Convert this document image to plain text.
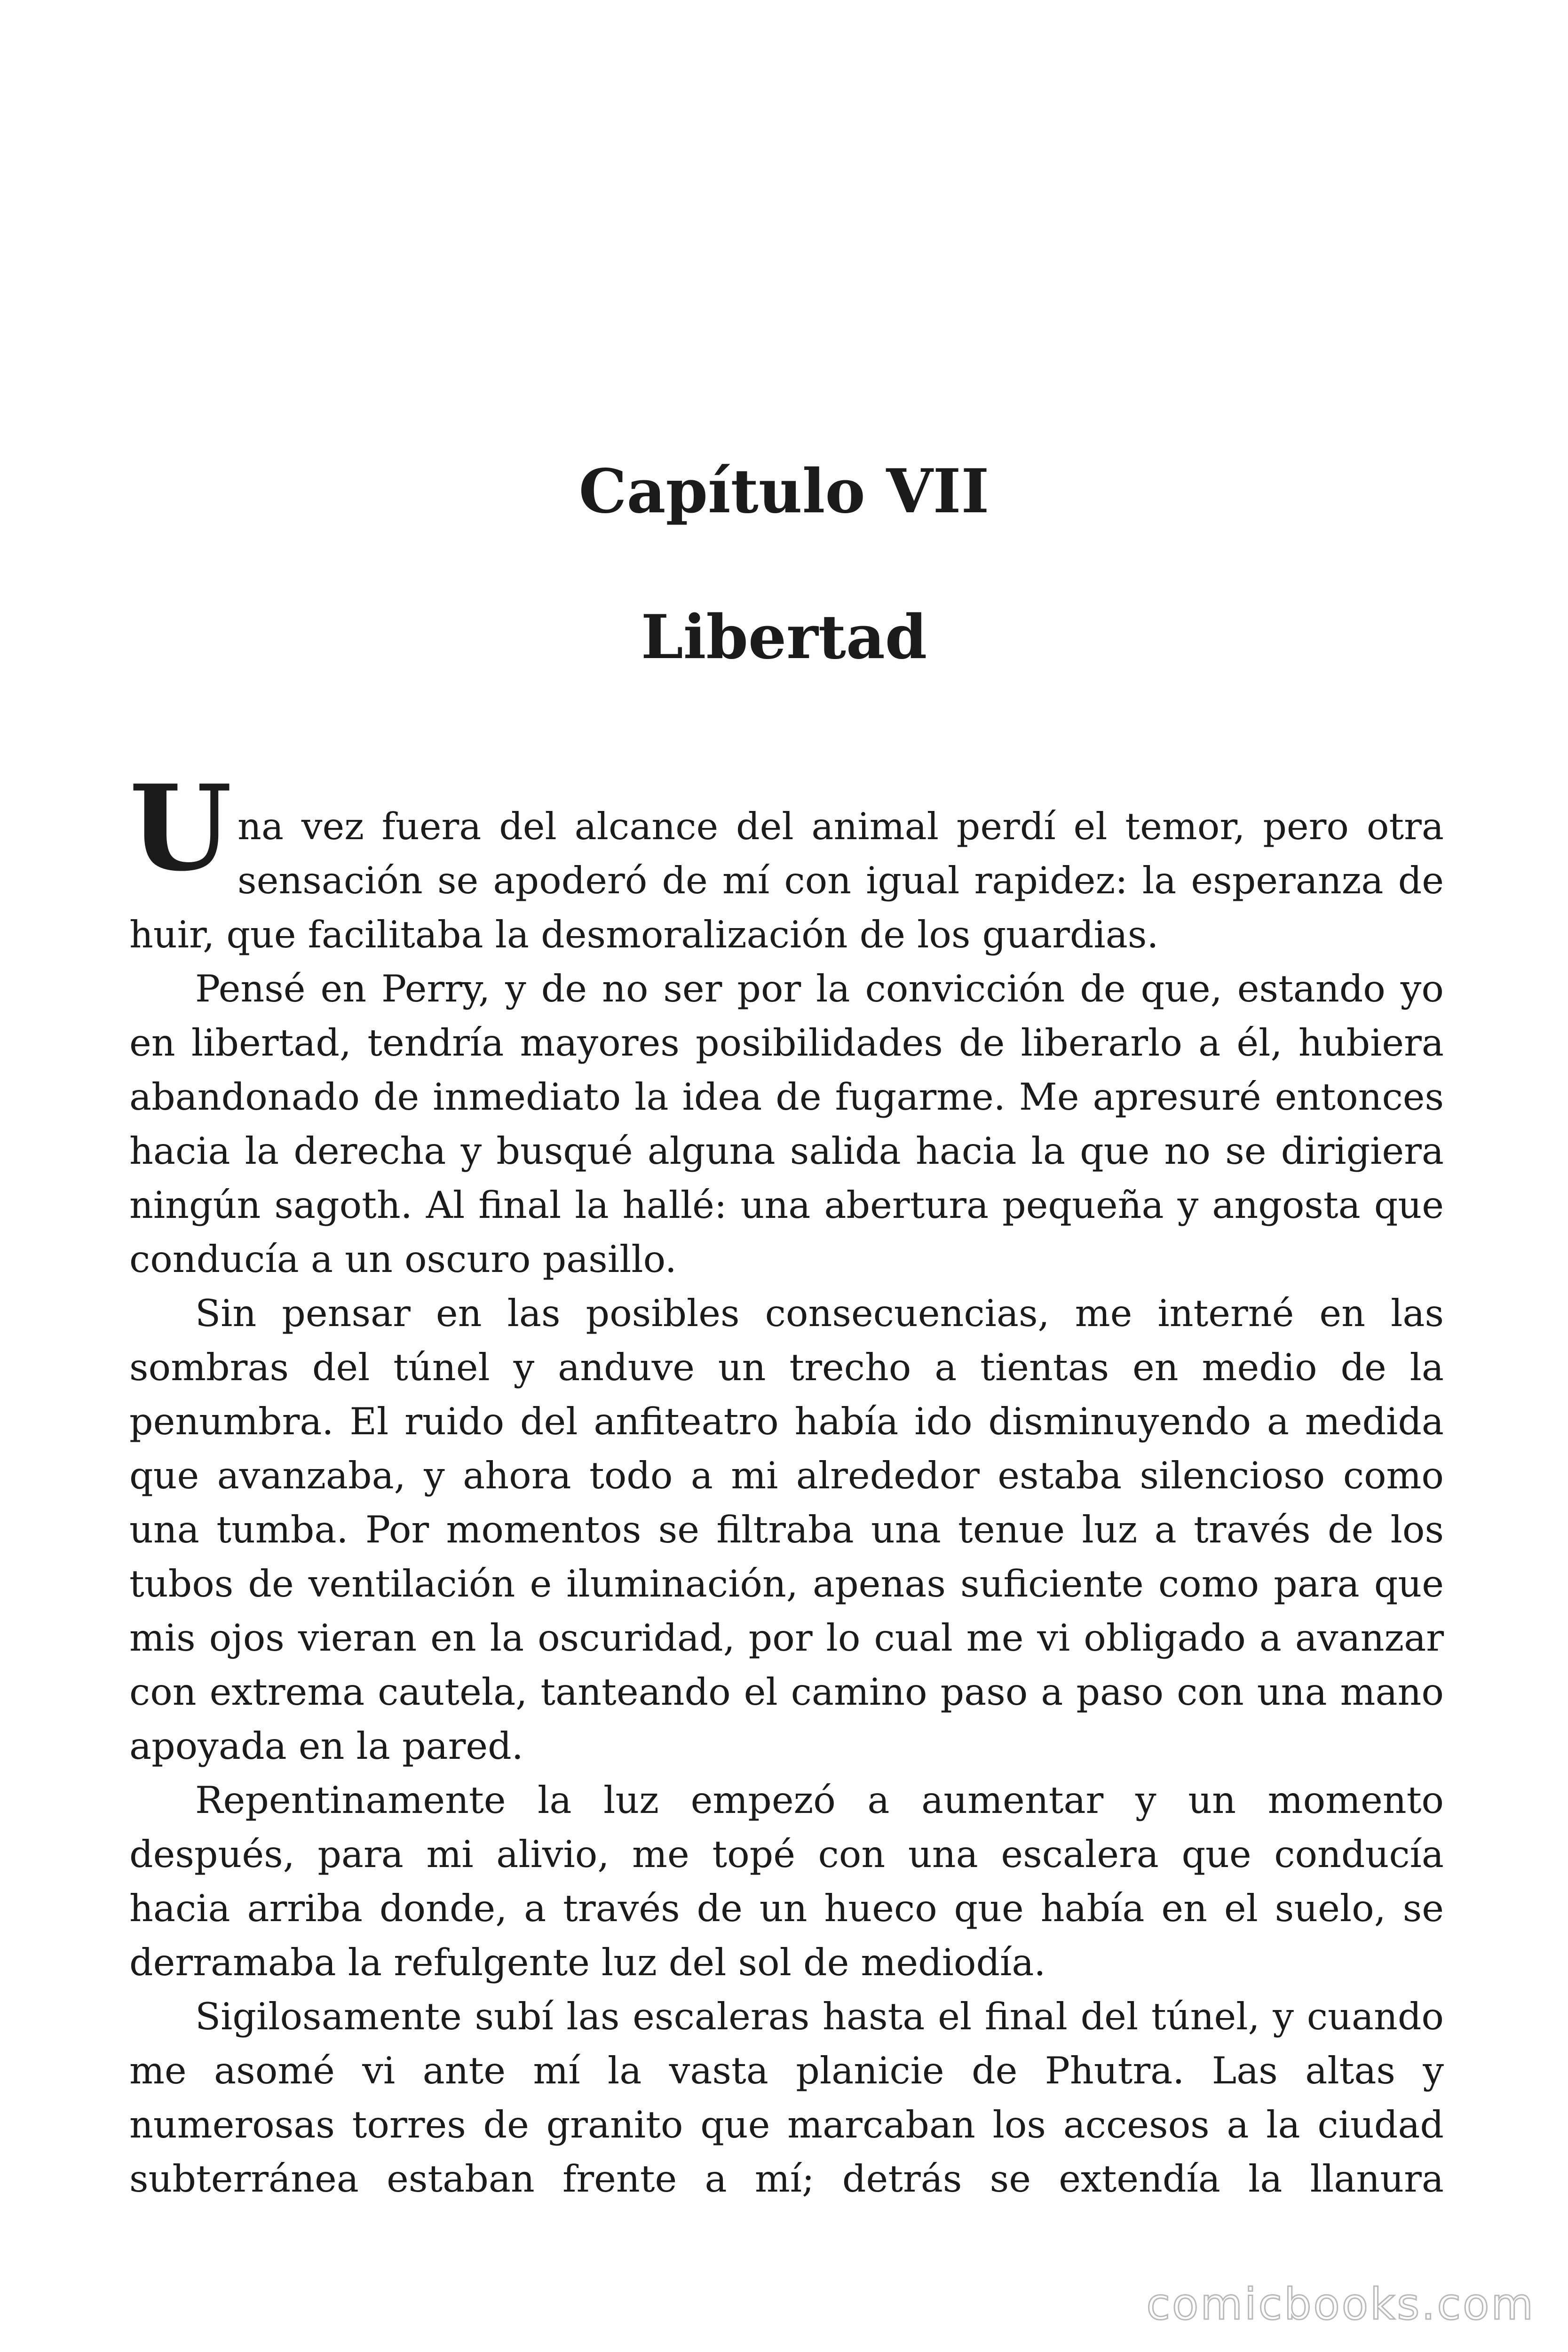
Capítulo VII
Libertad

Una vez fuera del alcance del animal perdí el temor, pero otra sensación se apoderó de mí con igual rapidez: la esperanza de huir, que facilitaba la desmoralización de los guardias.

Pensé en Perry, y de no ser por la convicción de que, estando yo en libertad, tendría mayores posibilidades de liberarlo a él, hubiera abandonado de inmediato la idea de fugarme. Me apresuré entonces hacia la derecha y busqué alguna salida hacia la que no se dirigiera ningún sagoth. Al final la hallé: una abertura pequeña y angosta que conducía a un oscuro pasillo.

Sin pensar en las posibles consecuencias, me interné en las sombras del túnel y anduve un trecho a tientas en medio de la penumbra. El ruido del anfiteatro había ido disminuyendo a medida que avanzaba, y ahora todo a mi alrededor estaba silencioso como una tumba. Por momentos se filtraba una tenue luz a través de los tubos de ventilación e iluminación, apenas suficiente como para que mis ojos vieran en la oscuridad, por lo cual me vi obligado a avanzar con extrema cautela, tanteando el camino paso a paso con una mano apoyada en la pared.

Repentinamente la luz empezó a aumentar y un momento después, para mi alivio, me topé con una escalera que conducía hacia arriba donde, a través de un hueco que había en el suelo, se derramaba la refulgente luz del sol de mediodía.

Sigilosamente subí las escaleras hasta el final del túnel, y cuando me asomé vi ante mí la vasta planicie de Phutra. Las altas y numerosas torres de granito que marcaban los accesos a la ciudad subterránea estaban frente a mí; detrás se extendía la llanura

comicbooks.com
